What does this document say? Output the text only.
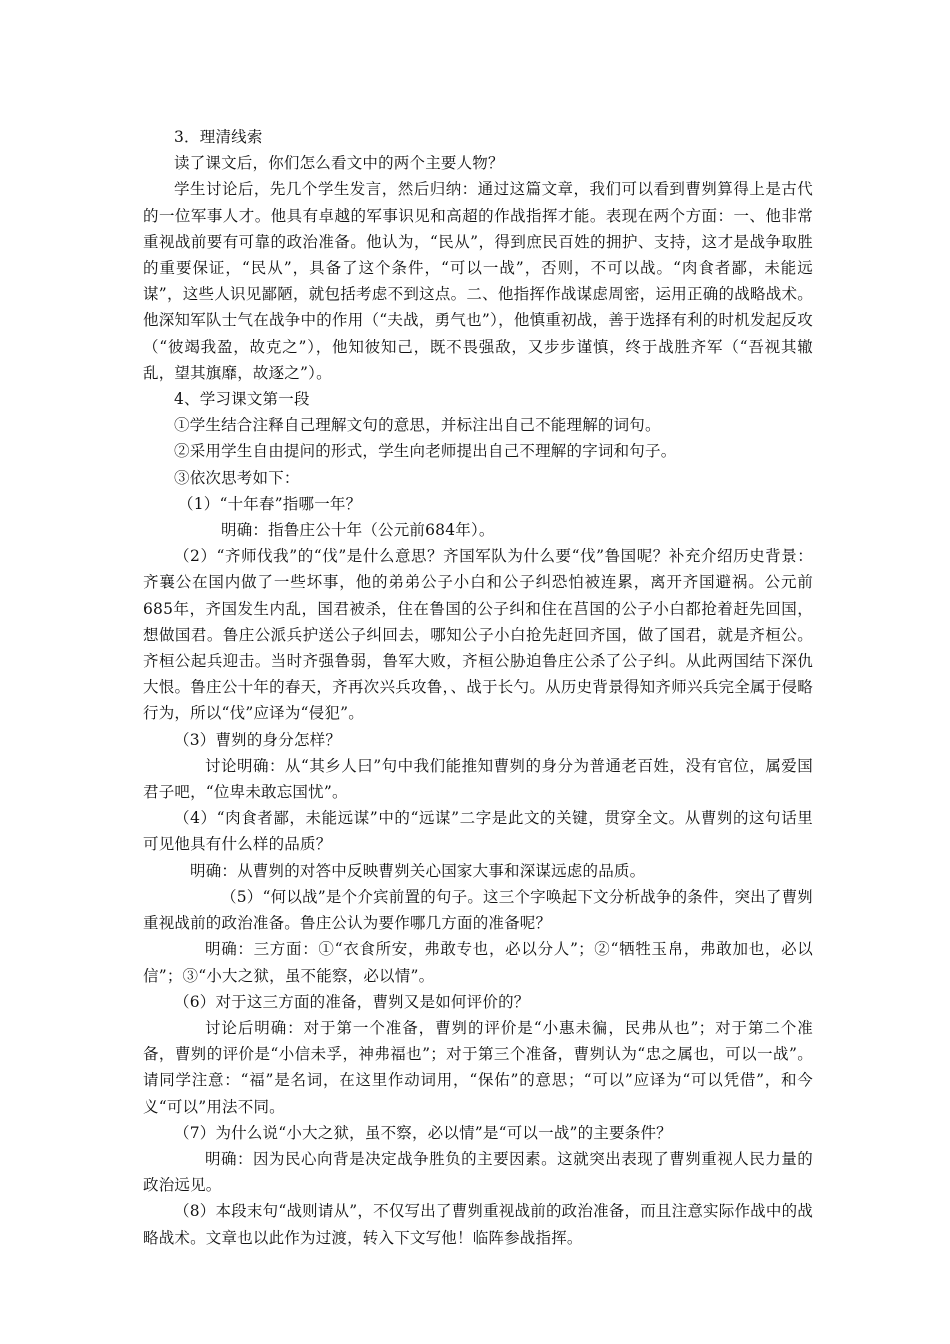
3．理清线索

读了课文后，你们怎么看文中的两个主要人物？

学生讨论后，先几个学生发言，然后归纳：通过这篇文章，我们可以看到曹刿算得上是古代的一位军事人才。他具有卓越的军事识见和高超的作战指挥才能。表现在两个方面：一、他非常重视战前要有可靠的政治准备。他认为，“民从”，得到庶民百姓的拥护、支持，这才是战争取胜的重要保证，“民从”，具备了这个条件，“可以一战”，否则，不可以战。“肉食者鄙，未能远谋”，这些人识见鄙陋，就包括考虑不到这点。二、他指挥作战谋虑周密，运用正确的战略战术。他深知军队士气在战争中的作用（“夫战，勇气也”），他慎重初战，善于选择有利的时机发起反攻（“彼竭我盈，故克之”），他知彼知己，既不畏强敌，又步步谨慎，终于战胜齐军（“吾视其辙乱，望其旗靡，故逐之”）。

4、学习课文第一段

①学生结合注释自己理解文句的意思，并标注出自己不能理解的词句。

②采用学生自由提问的形式，学生向老师提出自己不理解的字词和句子。

③依次思考如下：

（1）“十年春”指哪一年？

明确：指鲁庄公十年（公元前684年）。

（2）“齐师伐我”的“伐”是什么意思？齐国军队为什么要“伐”鲁国呢？补充介绍历史背景：齐襄公在国内做了一些坏事，他的弟弟公子小白和公子纠恐怕被连累，离开齐国避祸。公元前685年，齐国发生内乱，国君被杀，住在鲁国的公子纠和住在莒国的公子小白都抢着赶先回国，想做国君。鲁庄公派兵护送公子纠回去，哪知公子小白抢先赶回齐国，做了国君，就是齐桓公。齐桓公起兵迎击。当时齐强鲁弱，鲁军大败，齐桓公胁迫鲁庄公杀了公子纠。从此两国结下深仇大恨。鲁庄公十年的春天，齐再次兴兵攻鲁，、战于长勺。从历史背景得知齐师兴兵完全属于侵略行为，所以“伐”应译为“侵犯”。

（3）曹刿的身分怎样？

讨论明确：从“其乡人曰”句中我们能推知曹刿的身分为普通老百姓，没有官位，属爱国君子吧，“位卑未敢忘国忧”。

（4）“肉食者鄙，未能远谋”中的“远谋”二字是此文的关键，贯穿全文。从曹刿的这句话里可见他具有什么样的品质？

明确：从曹刿的对答中反映曹刿关心国家大事和深谋远虑的品质。

（5）“何以战”是个介宾前置的句子。这三个字唤起下文分析战争的条件，突出了曹刿重视战前的政治准备。鲁庄公认为要作哪几方面的准备呢？

明确：三方面：①“衣食所安，弗敢专也，必以分人”；②“牺牲玉帛，弗敢加也，必以信”；③“小大之狱，虽不能察，必以情”。

（6）对于这三方面的准备，曹刿又是如何评价的？

讨论后明确：对于第一个准备，曹刿的评价是“小惠未徧，民弗从也”；对于第二个准备，曹刿的评价是“小信未孚，神弗福也”；对于第三个准备，曹刿认为“忠之属也，可以一战”。请同学注意：“福”是名词，在这里作动词用，“保佑”的意思；“可以”应译为“可以凭借”，和今义“可以”用法不同。

（7）为什么说“小大之狱，虽不察，必以情”是“可以一战”的主要条件？

明确：因为民心向背是决定战争胜负的主要因素。这就突出表现了曹刿重视人民力量的政治远见。

（8）本段末句“战则请从”，不仅写出了曹刿重视战前的政治准备，而且注意实际作战中的战略战术。文章也以此作为过渡，转入下文写他！临阵参战指挥。
